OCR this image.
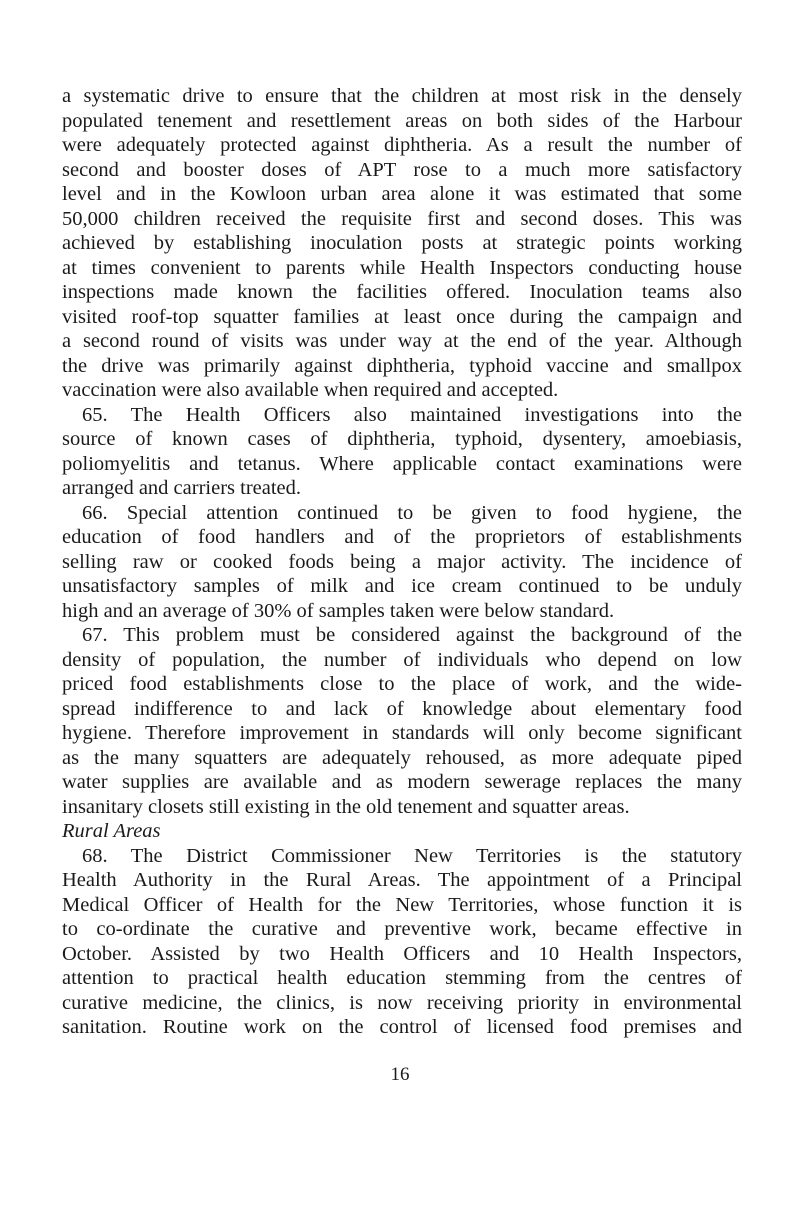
a systematic drive to ensure that the children at most risk in the densely
populated tenement and resettlement areas on both sides of the Harbour
were adequately protected against diphtheria. As a result the number of
second and booster doses of APT rose to a much more satisfactory
level and in the Kowloon urban area alone it was estimated that some
50,000 children received the requisite first and second doses. This was
achieved by establishing inoculation posts at strategic points working
at times convenient to parents while Health Inspectors conducting house
inspections made known the facilities offered. Inoculation teams also
visited roof-top squatter families at least once during the campaign and
a second round of visits was under way at the end of the year. Although
the drive was primarily against diphtheria, typhoid vaccine and smallpox
vaccination were also available when required and accepted.
65. The Health Officers also maintained investigations into the
source of known cases of diphtheria, typhoid, dysentery, amoebiasis,
poliomyelitis and tetanus. Where applicable contact examinations were
arranged and carriers treated.
66. Special attention continued to be given to food hygiene, the
education of food handlers and of the proprietors of establishments
selling raw or cooked foods being a major activity. The incidence of
unsatisfactory samples of milk and ice cream continued to be unduly
high and an average of 30% of samples taken were below standard.
67. This problem must be considered against the background of the
density of population, the number of individuals who depend on low
priced food establishments close to the place of work, and the wide-
spread indifference to and lack of knowledge about elementary food
hygiene. Therefore improvement in standards will only become significant
as the many squatters are adequately rehoused, as more adequate piped
water supplies are available and as modern sewerage replaces the many
insanitary closets still existing in the old tenement and squatter areas.
Rural Areas
68. The District Commissioner New Territories is the statutory
Health Authority in the Rural Areas. The appointment of a Principal
Medical Officer of Health for the New Territories, whose function it is
to co-ordinate the curative and preventive work, became effective in
October. Assisted by two Health Officers and 10 Health Inspectors,
attention to practical health education stemming from the centres of
curative medicine, the clinics, is now receiving priority in environmental
sanitation. Routine work on the control of licensed food premises and
16
